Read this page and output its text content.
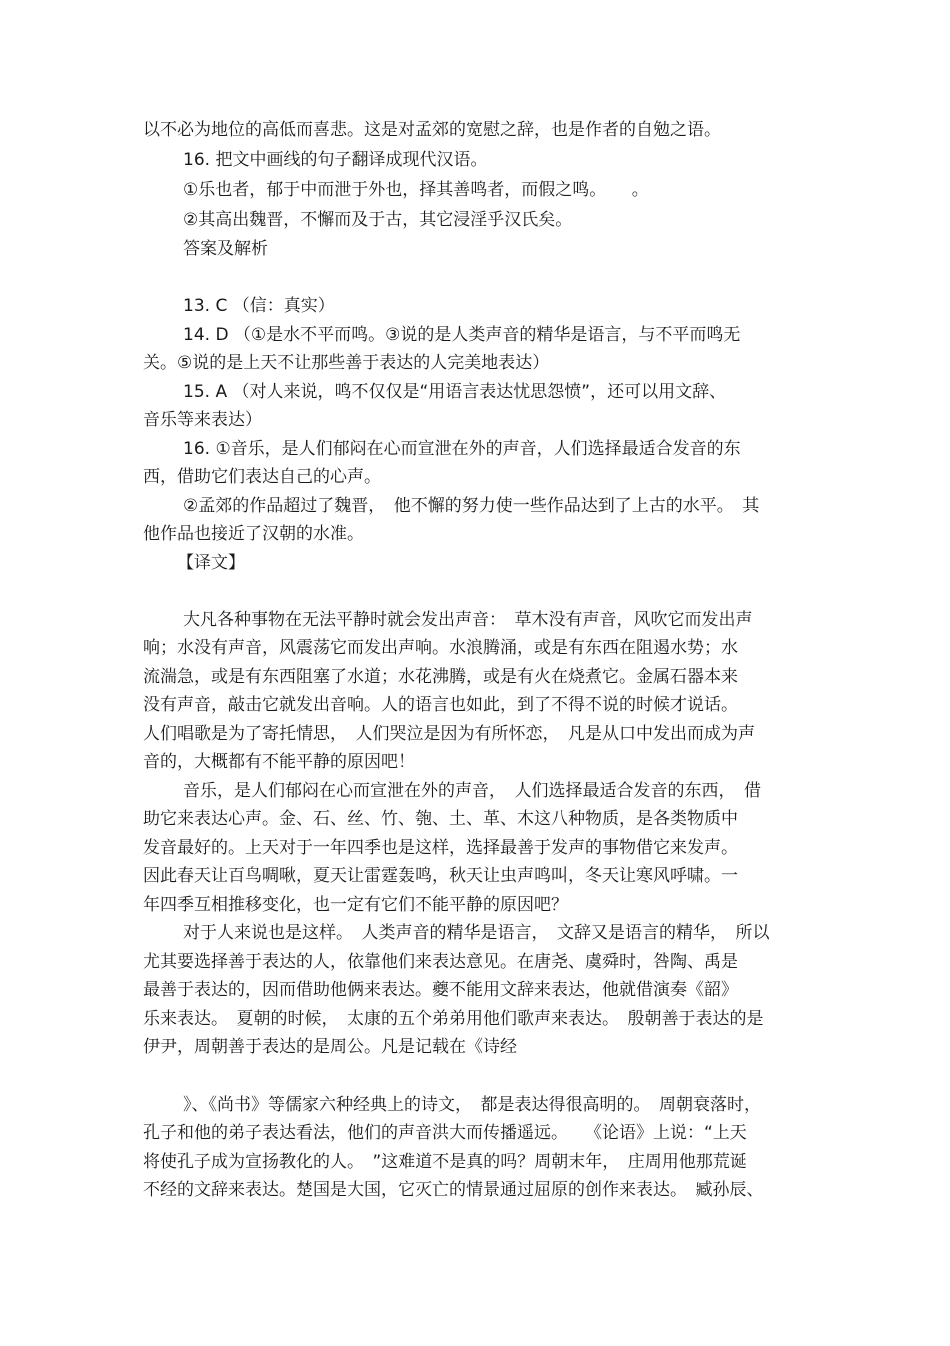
以不必为地位的高低而喜悲。这是对孟郊的宽慰之辞，也是作者的自勉之语。
16. 把文中画线的句子翻译成现代汉语。
①乐也者，郁于中而泄于外也，择其善鸣者，而假之鸣。　　。
②其高出魏晋，不懈而及于古，其它浸淫乎汉氏矣。
答案及解析
13. C （信：真实）
14. D （①是水不平而鸣。③说的是人类声音的精华是语言，与不平而鸣无
关。⑤说的是上天不让那些善于表达的人完美地表达）
15. A （对人来说，鸣不仅仅是“用语言表达忧思怨愤”，还可以用文辞、
音乐等来表达）
16. ①音乐，是人们郁闷在心而宣泄在外的声音，人们选择最适合发音的东
西，借助它们表达自己的心声。
②孟郊的作品超过了魏晋，　他不懈的努力使一些作品达到了上古的水平。　其
他作品也接近了汉朝的水准。
【译文】
大凡各种事物在无法平静时就会发出声音：　草木没有声音，风吹它而发出声
响；水没有声音，风震荡它而发出声响。水浪腾涌，或是有东西在阻遏水势；水
流湍急，或是有东西阻塞了水道；水花沸腾，或是有火在烧煮它。金属石器本来
没有声音，敲击它就发出音响。人的语言也如此，到了不得不说的时候才说话。
人们唱歌是为了寄托情思，　人们哭泣是因为有所怀恋，　凡是从口中发出而成为声
音的，大概都有不能平静的原因吧！
音乐，是人们郁闷在心而宣泄在外的声音，　人们选择最适合发音的东西，　借
助它来表达心声。金、石、丝、竹、匏、土、革、木这八种物质，是各类物质中
发音最好的。上天对于一年四季也是这样，选择最善于发声的事物借它来发声。
因此春天让百鸟啁啾，夏天让雷霆轰鸣，秋天让虫声鸣叫，冬天让寒风呼啸。一
年四季互相推移变化，也一定有它们不能平静的原因吧？
对于人来说也是这样。　人类声音的精华是语言，　文辞又是语言的精华，　所以
尤其要选择善于表达的人，依靠他们来表达意见。在唐尧、虞舜时，咎陶、禹是
最善于表达的，因而借助他俩来表达。夔不能用文辞来表达，他就借演奏《韶》
乐来表达。　夏朝的时候，　太康的五个弟弟用他们歌声来表达。　殷朝善于表达的是
伊尹，周朝善于表达的是周公。凡是记载在《诗经
》、《尚书》等儒家六种经典上的诗文，　都是表达得很高明的。　周朝衰落时，
孔子和他的弟子表达看法，他们的声音洪大而传播遥远。　　《论语》上说：“上天
将使孔子成为宣扬教化的人。　”这难道不是真的吗？周朝末年，　庄周用他那荒诞
不经的文辞来表达。楚国是大国，它灭亡的情景通过屈原的创作来表达。　臧孙辰、
